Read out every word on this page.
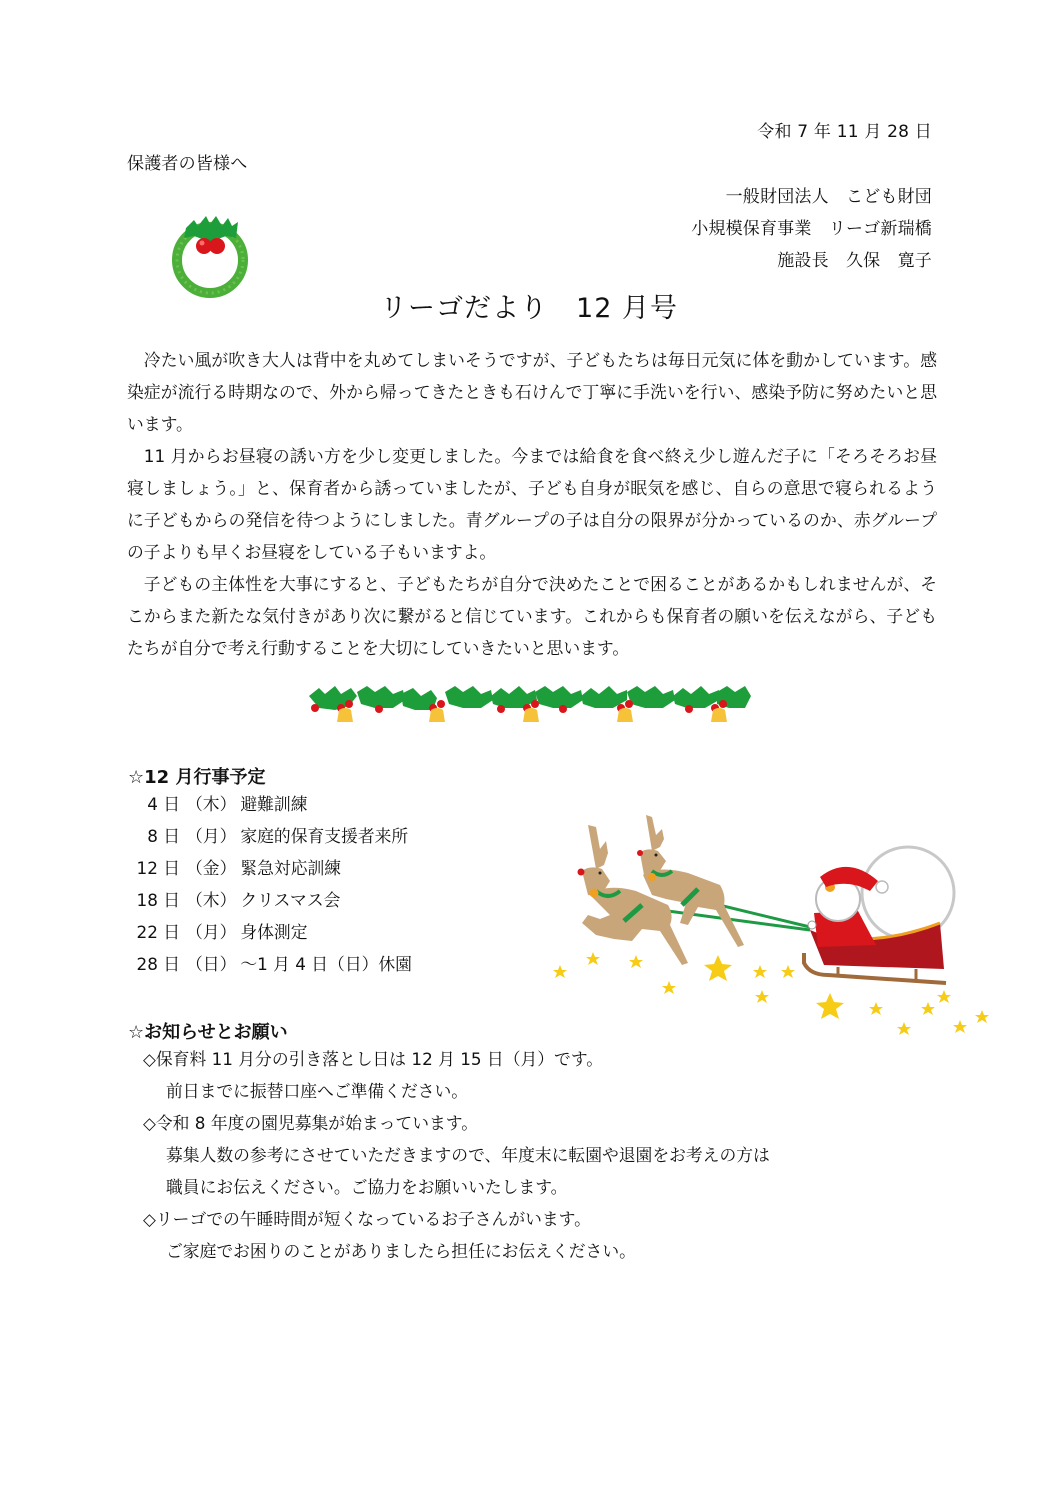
令和 7 年 11 月 28 日
保護者の皆様へ
一般財団法人　こども財団
小規模保育事業　リーゴ新瑞橋
施設長　久保　寛子
リーゴだより　12 月号

冷たい風が吹き大人は背中を丸めてしまいそうですが、子どもたちは毎日元気に体を動かしています。感染症が流行る時期なので、外から帰ってきたときも石けんで丁寧に手洗いを行い、感染予防に努めたいと思います。

11 月からお昼寝の誘い方を少し変更しました。今までは給食を食べ終え少し遊んだ子に「そろそろお昼寝しましょう。」と、保育者から誘っていましたが、子ども自身が眠気を感じ、自らの意思で寝られるように子どもからの発信を待つようにしました。青グループの子は自分の限界が分かっているのか、赤グループの子よりも早くお昼寝をしている子もいますよ。

子どもの主体性を大事にすると、子どもたちが自分で決めたことで困ることがあるかもしれませんが、そこからまた新たな気付きがあり次に繋がると信じています。これからも保育者の願いを伝えながら、子どもたちが自分で考え行動することを大切にしていきたいと思います。

☆12 月行事予定
4 日 （木） 避難訓練
8 日 （月） 家庭的保育支援者来所
12 日 （金） 緊急対応訓練
18 日 （木） クリスマス会
22 日 （月） 身体測定
28 日 （日） ～1 月 4 日（日）休園
☆お知らせとお願い
◇保育料 11 月分の引き落とし日は 12 月 15 日（月）です。
前日までに振替口座へご準備ください。
◇令和 8 年度の園児募集が始まっています。
募集人数の参考にさせていただきますので、年度末に転園や退園をお考えの方は
職員にお伝えください。ご協力をお願いいたします。
◇リーゴでの午睡時間が短くなっているお子さんがいます。
ご家庭でお困りのことがありましたら担任にお伝えください。
